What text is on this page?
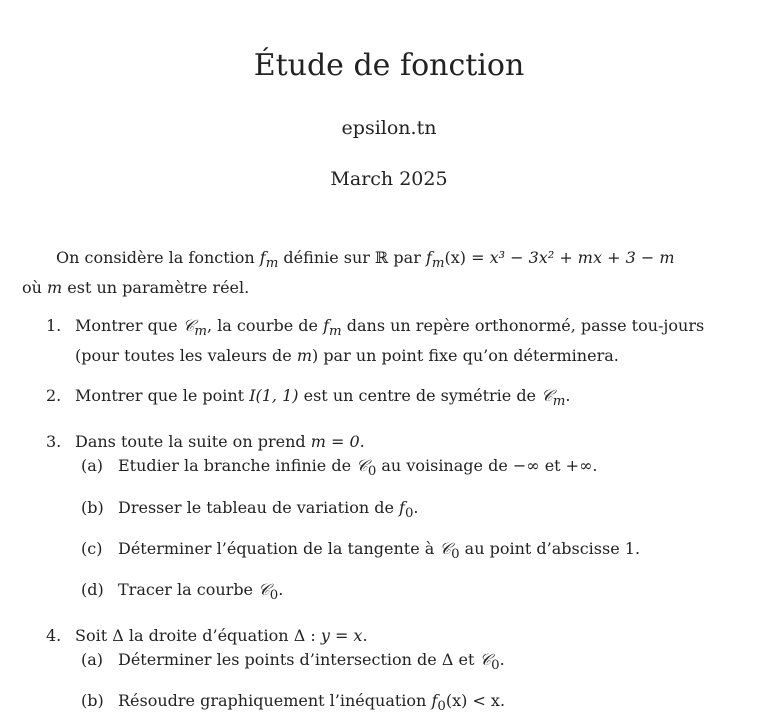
Étude de fonction
epsilon.tn
March 2025
On considère la fonction $f_m$ définie sur ℝ par $f_m(x) = x^3 - 3x^2$ + mx + 3 − m
où m est un paramètre réel.
1. Montrer que 𝒞$_m$, la courbe de $f_m$ dans un repère orthonormé, passe tou-jours (pour toutes les valeurs de m) par un point fixe qu’on déterminera.
2. Montrer que le point I(1, 1) est un centre de symétrie de 𝒞$_m$.
3. Dans toute la suite on prend m = 0.
(a) Etudier la branche infinie de 𝒞$_0$ au voisinage de −∞ et +∞.
(b) Dresser le tableau de variation de $f_0$.
(c) Déterminer l’équation de la tangente à 𝒞$_0$ au point d’abscisse 1.
(d) Tracer la courbe 𝒞$_0$.
4. Soit Δ la droite d’équation Δ : y = x.
(a) Déterminer les points d’intersection de Δ et 𝒞$_0$.
(b) Résoudre graphiquement l’inéquation $f_0(x) < x$.
